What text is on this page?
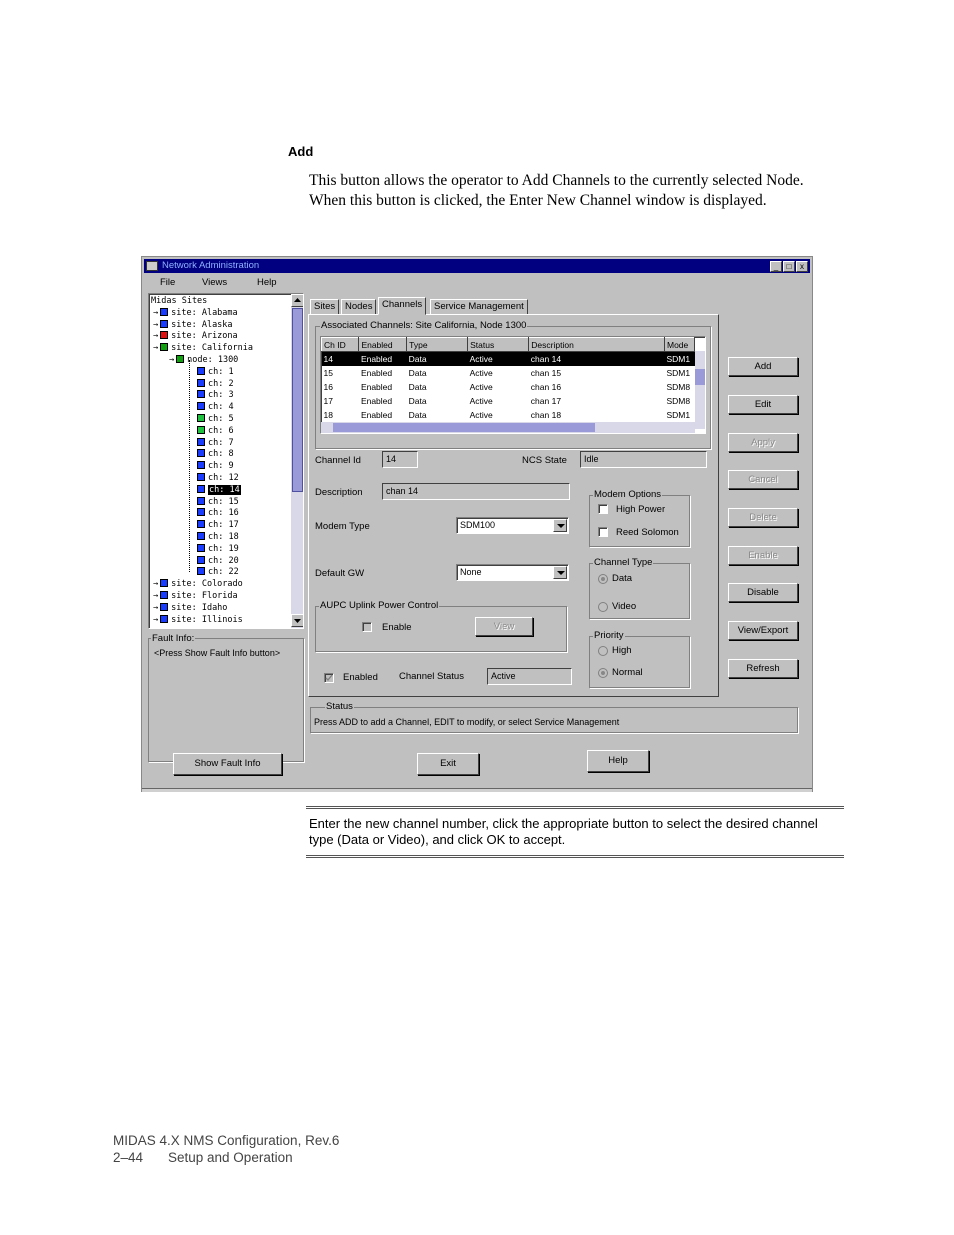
Add
This button allows the operator to Add Channels to the currently selected Node. When this button is clicked, the Enter New Channel window is displayed.
Network Administration	_	□	x
File	Views	Help
Midas Sites
→ site: Alabama
→ site: Alaska
→ site: Arizona
→ site: California
→ node: 1300
ch: 1
ch: 2
ch: 3
ch: 4
ch: 5
ch: 6
ch: 7
ch: 8
ch: 9
ch: 12
ch: 14
ch: 15
ch: 16
ch: 17
ch: 18
ch: 19
ch: 20
ch: 22
→ site: Colorado
→ site: Florida
→ site: Idaho
→ site: Illinois
Fault Info:
<Press Show Fault Info button>
Show Fault Info
Sites	Nodes	Channels	Service Management
Associated Channels: Site California, Node 1300
Ch ID	Enabled	Type	Status	Description	Mode
14	Enabled	Data	Active	chan 14	SDM1
15	Enabled	Data	Active	chan 15	SDM1
16	Enabled	Data	Active	chan 16	SDM8
17	Enabled	Data	Active	chan 17	SDM8
18	Enabled	Data	Active	chan 18	SDM1
Channel Id	14	NCS State	Idle
Description	chan 14
Modem Type	SDM100
Default GW	None
Modem Options
High Power
Reed Solomon
Channel Type
Data
Video
AUPC Uplink Power Control
Enable	View
Priority
High
Normal
Enabled Channel Status	Active
Status
Press ADD to add a Channel, EDIT to modify, or select Service Management
Add
Edit
Apply
Cancel
Delete
Enable
Disable
View/Export
Refresh
Exit	Help
Enter the new channel number, click the appropriate button to select the desired channel type (Data or Video), and click OK to accept.
MIDAS 4.X NMS Configuration, Rev.6
2–44 Setup and Operation
